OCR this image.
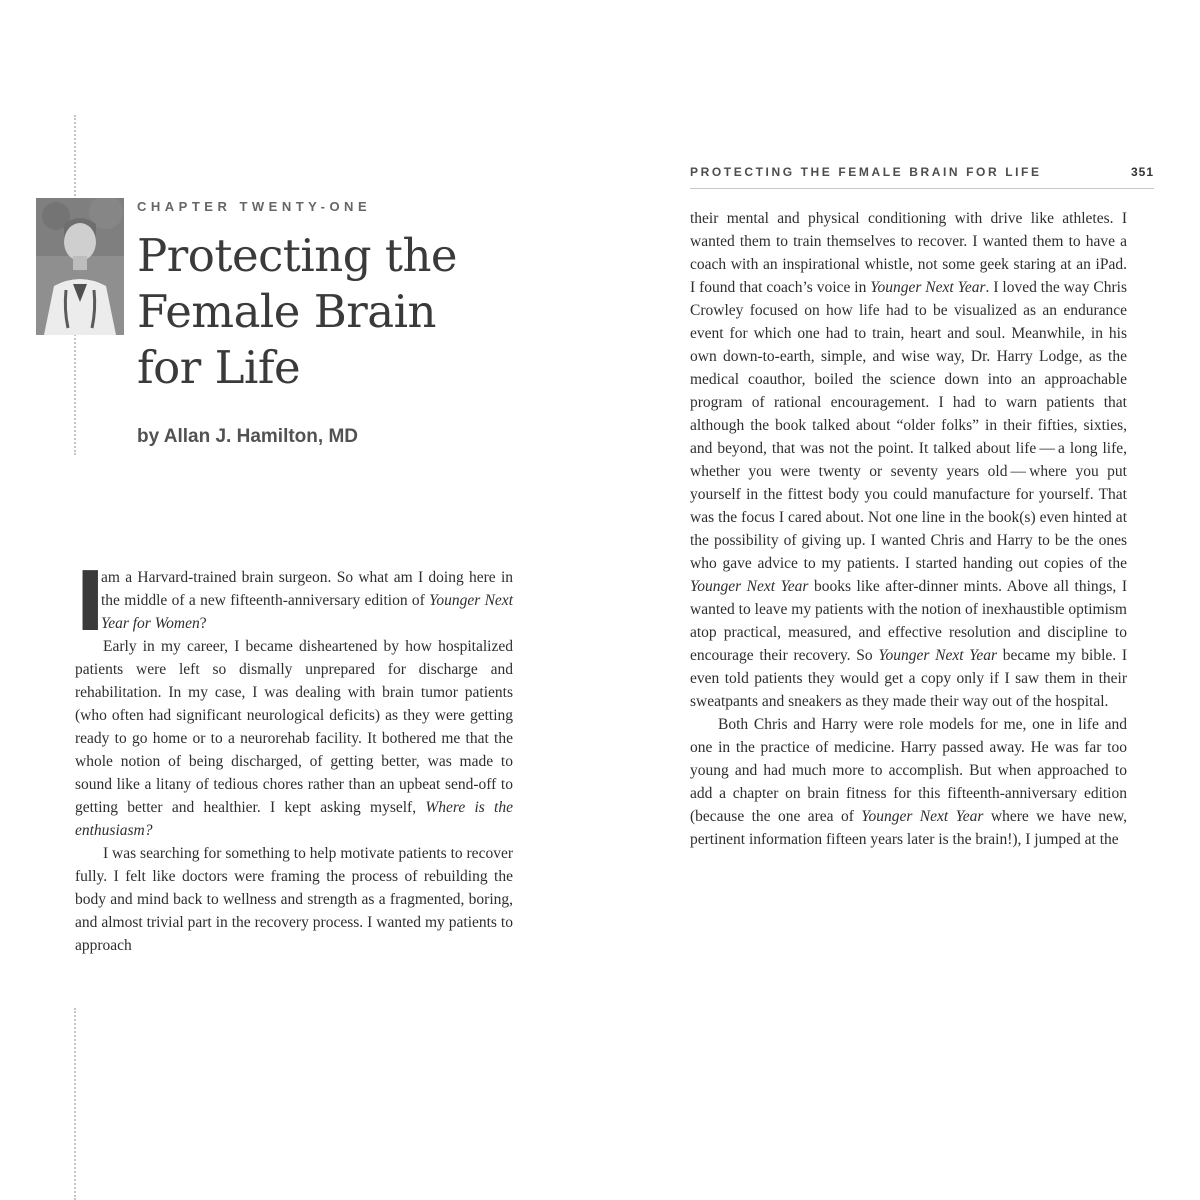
CHAPTER TWENTY-ONE
Protecting the
Female Brain
for Life
by Allan J. Hamilton, MD

I
am a Harvard-trained brain surgeon. So what am I doing here in the middle of a new fifteenth-anniversary edition of Younger Next Year for Women?

Early in my career, I became disheartened by how hospitalized patients were left so dismally unprepared for discharge and rehabilitation. In my case, I was dealing with brain tumor patients (who often had significant neurological deficits) as they were getting ready to go home or to a neurorehab facility. It bothered me that the whole notion of being discharged, of getting better, was made to sound like a litany of tedious chores rather than an upbeat send-off to getting better and healthier. I kept asking myself, Where is the enthusiasm?

I was searching for something to help motivate patients to recover fully. I felt like doctors were framing the process of rebuilding the body and mind back to wellness and strength as a fragmented, boring, and almost trivial part in the recovery process. I wanted my patients to approach

PROTECTING THE FEMALE BRAIN FOR LIFE	351

their mental and physical conditioning with drive like athletes. I wanted them to train themselves to recover. I wanted them to have a coach with an inspirational whistle, not some geek staring at an iPad. I found that coach’s voice in Younger Next Year. I loved the way Chris Crowley focused on how life had to be visualized as an endurance event for which one had to train, heart and soul. Meanwhile, in his own down-to-earth, simple, and wise way, Dr. Harry Lodge, as the medical coauthor, boiled the science down into an approachable program of rational encouragement. I had to warn patients that although the book talked about “older folks” in their fifties, sixties, and beyond, that was not the point. It talked about life — a long life, whether you were twenty or seventy years old — where you put yourself in the fittest body you could manufacture for yourself. That was the focus I cared about. Not one line in the book(s) even hinted at the possibility of giving up. I wanted Chris and Harry to be the ones who gave advice to my patients. I started handing out copies of the Younger Next Year books like after-dinner mints. Above all things, I wanted to leave my patients with the notion of inexhaustible optimism atop practical, measured, and effective resolution and discipline to encourage their recovery. So Younger Next Year became my bible. I even told patients they would get a copy only if I saw them in their sweatpants and sneakers as they made their way out of the hospital.

Both Chris and Harry were role models for me, one in life and one in the practice of medicine. Harry passed away. He was far too young and had much more to accomplish. But when approached to add a chapter on brain fitness for this fifteenth-anniversary edition (because the one area of Younger Next Year where we have new, pertinent information fifteen years later is the brain!), I jumped at the
